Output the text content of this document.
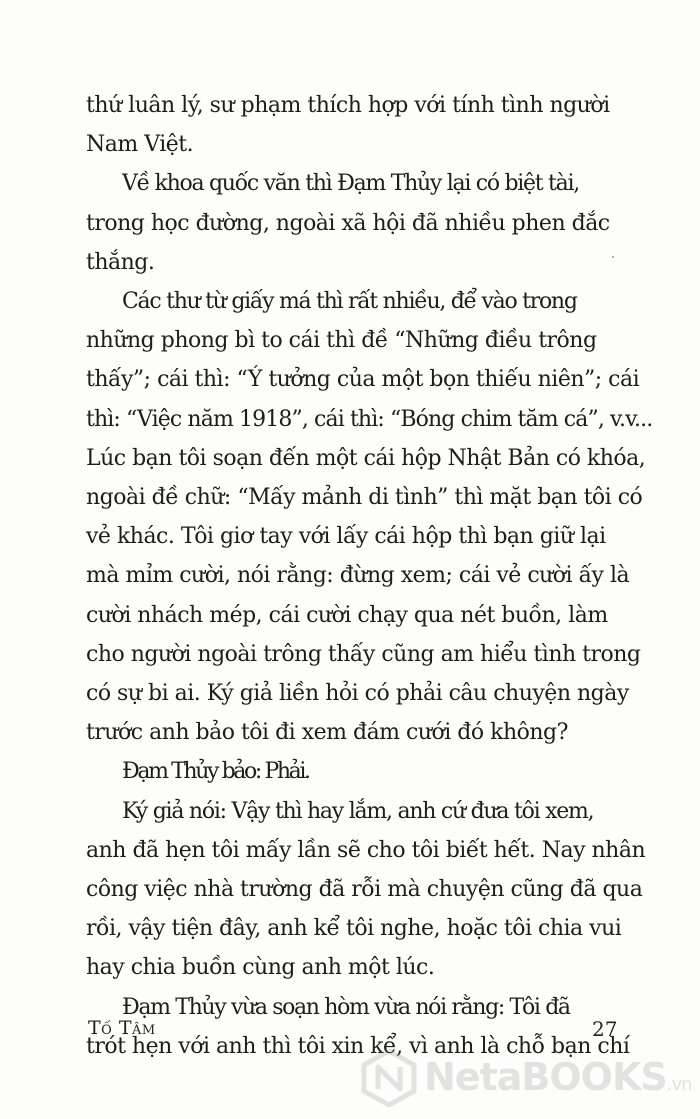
thứ luân lý, sư phạm thích hợp với tính tình người
Nam Việt.
Về khoa quốc văn thì Đạm Thủy lại có biệt tài,
trong học đường, ngoài xã hội đã nhiều phen đắc
thắng.
Các thư từ giấy má thì rất nhiều, để vào trong
những phong bì to cái thì đề “Những điều trông
thấy”; cái thì: “Ý tưởng của một bọn thiếu niên”; cái
thì: “Việc năm 1918”, cái thì: “Bóng chim tăm cá”, v.v...
Lúc bạn tôi soạn đến một cái hộp Nhật Bản có khóa,
ngoài đề chữ: “Mấy mảnh di tình” thì mặt bạn tôi có
vẻ khác. Tôi giơ tay với lấy cái hộp thì bạn giữ lại
mà mỉm cười, nói rằng: đừng xem; cái vẻ cười ấy là
cười nhách mép, cái cười chạy qua nét buồn, làm
cho người ngoài trông thấy cũng am hiểu tình trong
có sự bi ai. Ký giả liền hỏi có phải câu chuyện ngày
trước anh bảo tôi đi xem đám cưới đó không?
Đạm Thủy bảo: Phải.
Ký giả nói: Vậy thì hay lắm, anh cứ đưa tôi xem,
anh đã hẹn tôi mấy lần sẽ cho tôi biết hết. Nay nhân
công việc nhà trường đã rỗi mà chuyện cũng đã qua
rồi, vậy tiện đây, anh kể tôi nghe, hoặc tôi chia vui
hay chia buồn cùng anh một lúc.
Đạm Thủy vừa soạn hòm vừa nói rằng: Tôi đã
trót hẹn với anh thì tôi xin kể, vì anh là chỗ bạn chí
Tố Tâm	27
NetaBOOKS.vn
